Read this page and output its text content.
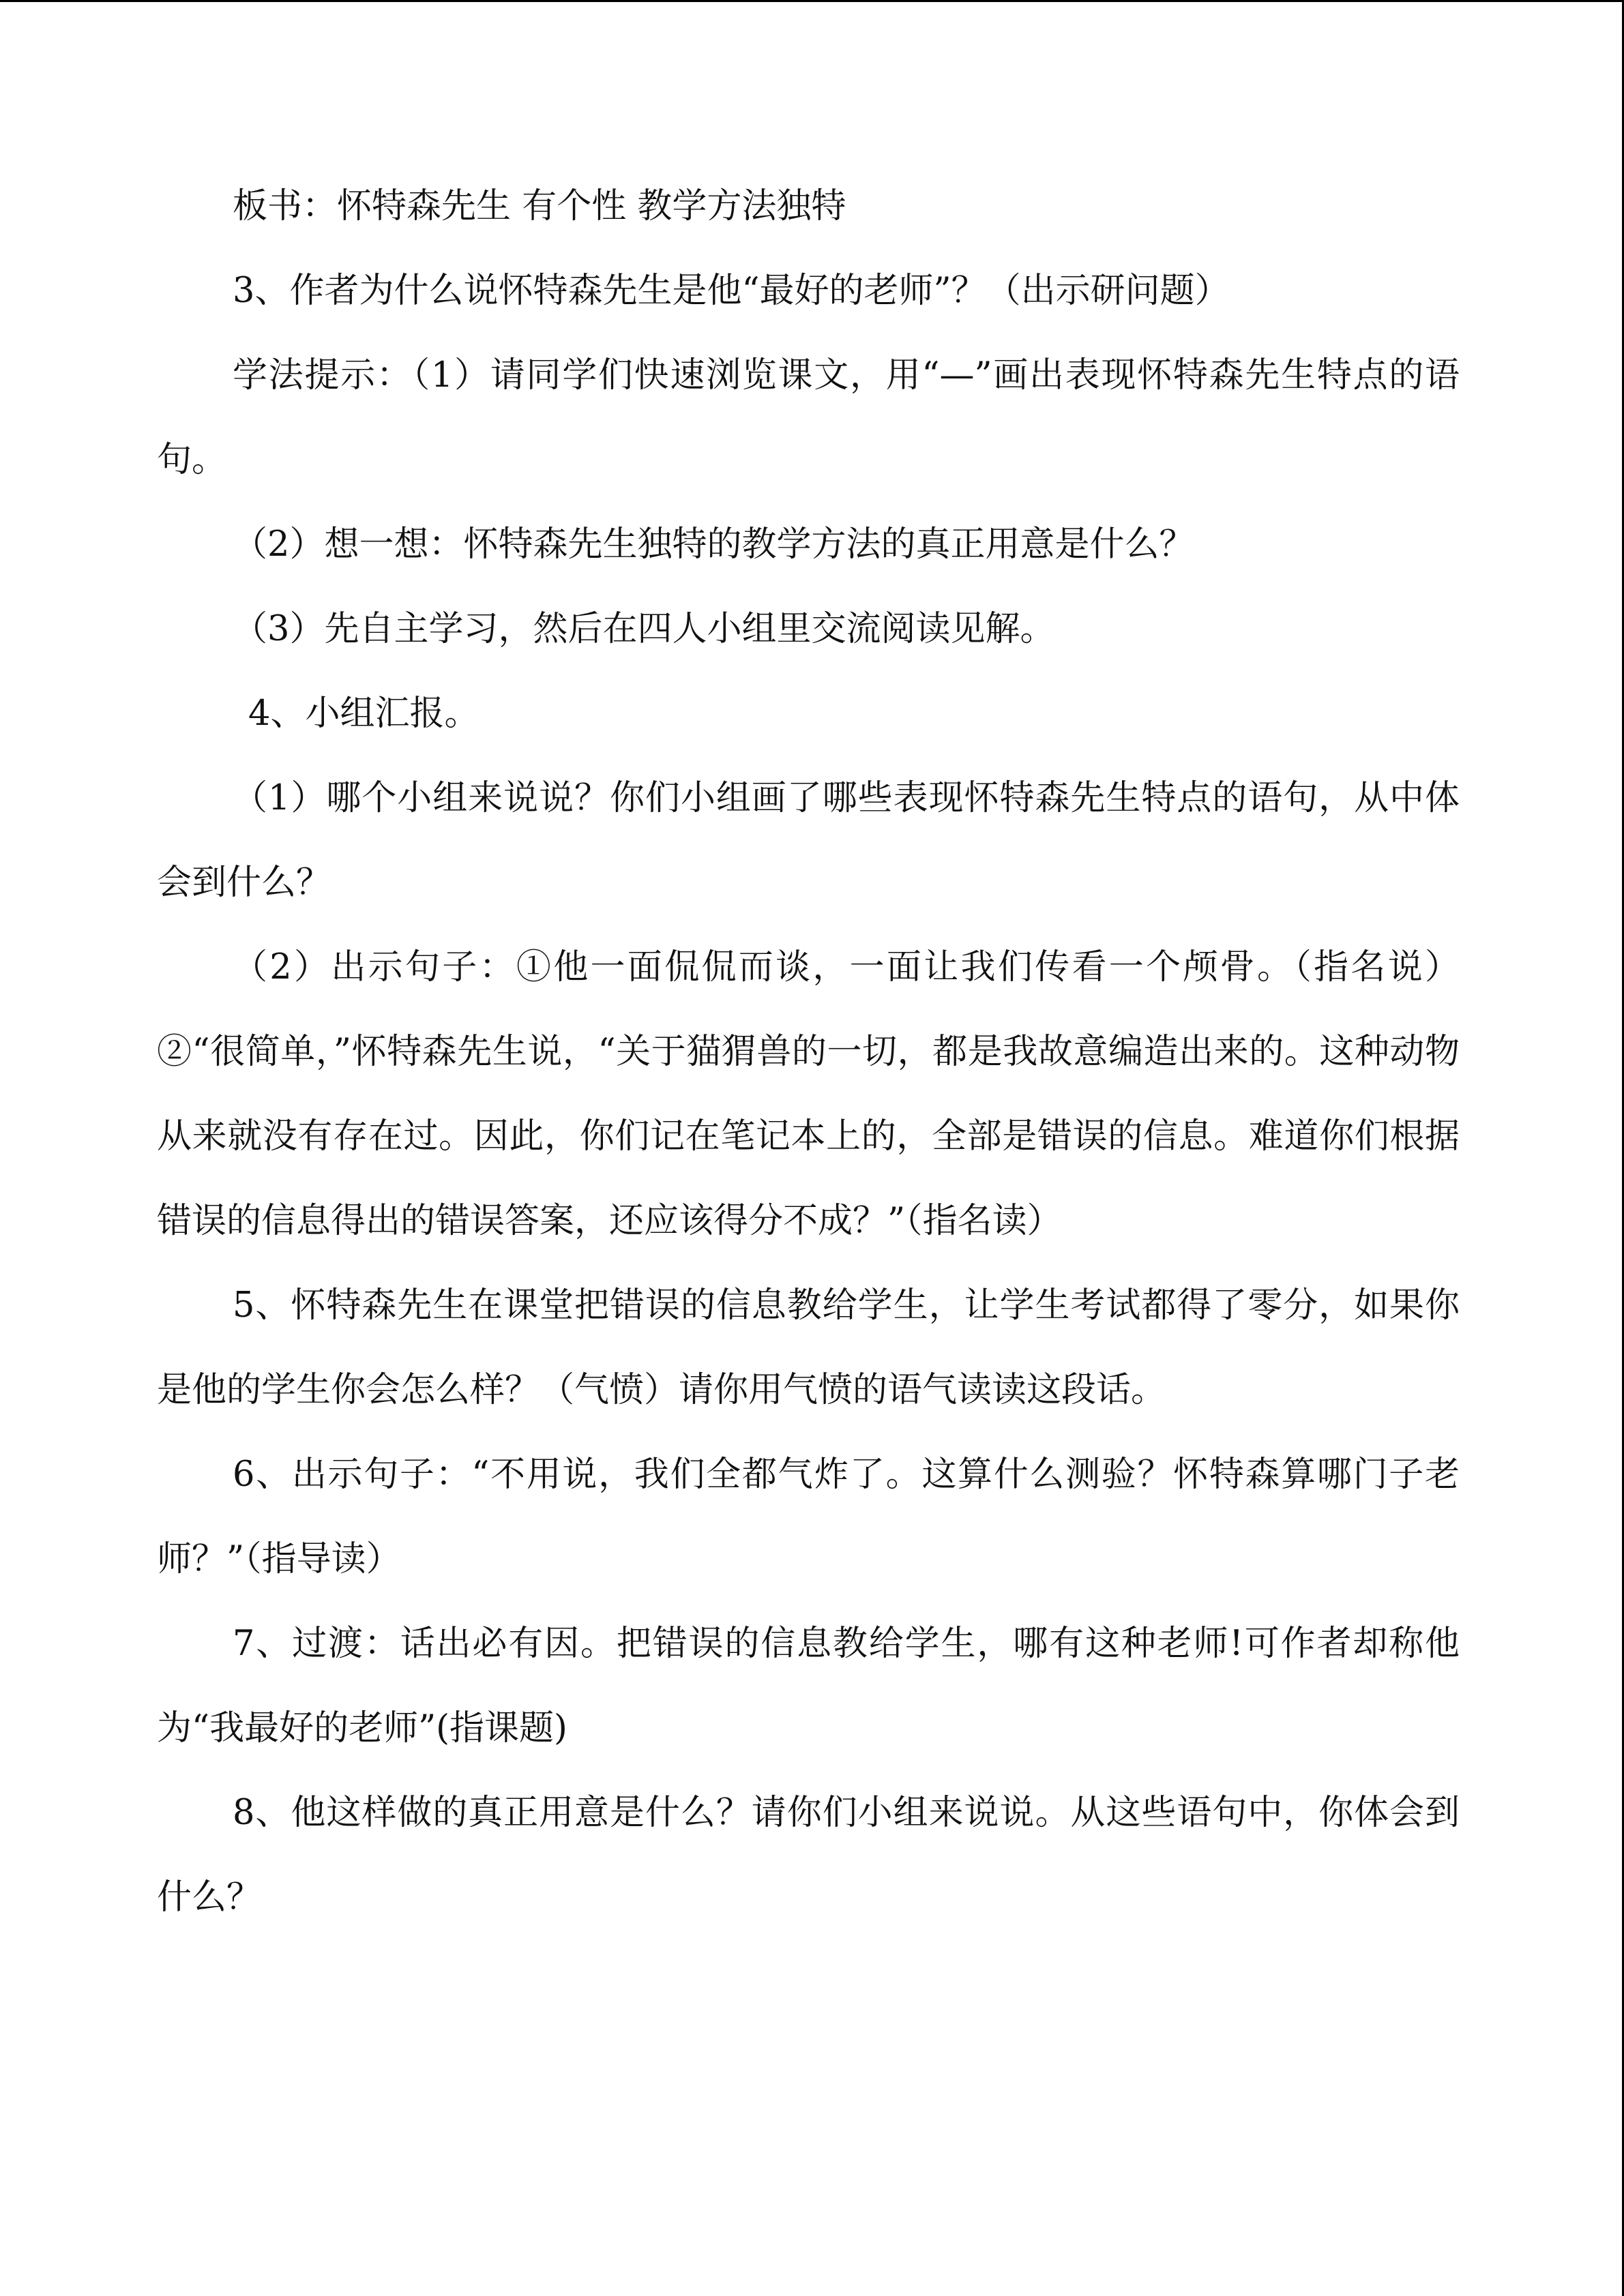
板书：怀特森先生 有个性 教学方法独特

3、作者为什么说怀特森先生是他“最好的老师”？（出示研问题）

学法提示：（1）请同学们快速浏览课文，用“—”画出表现怀特森先生特点的语句。

（2）想一想：怀特森先生独特的教学方法的真正用意是什么？

（3）先自主学习，然后在四人小组里交流阅读见解。

4、小组汇报。

（1）哪个小组来说说？你们小组画了哪些表现怀特森先生特点的语句，从中体会到什么？

（2）出示句子：①他一面侃侃而谈，一面让我们传看一个颅骨。（指名说）②“很简单，”怀特森先生说，“关于猫猬兽的一切，都是我故意编造出来的。这种动物从来就没有存在过。因此，你们记在笔记本上的，全部是错误的信息。难道你们根据错误的信息得出的错误答案，还应该得分不成？”（指名读）

5、怀特森先生在课堂把错误的信息教给学生，让学生考试都得了零分，如果你是他的学生你会怎么样？（气愤）请你用气愤的语气读读这段话。

6、出示句子：“不用说，我们全都气炸了。这算什么测验？怀特森算哪门子老师？”（指导读）

7、过渡：话出必有因。把错误的信息教给学生，哪有这种老师!可作者却称他为“我最好的老师”(指课题)

8、他这样做的真正用意是什么？请你们小组来说说。从这些语句中，你体会到什么？
